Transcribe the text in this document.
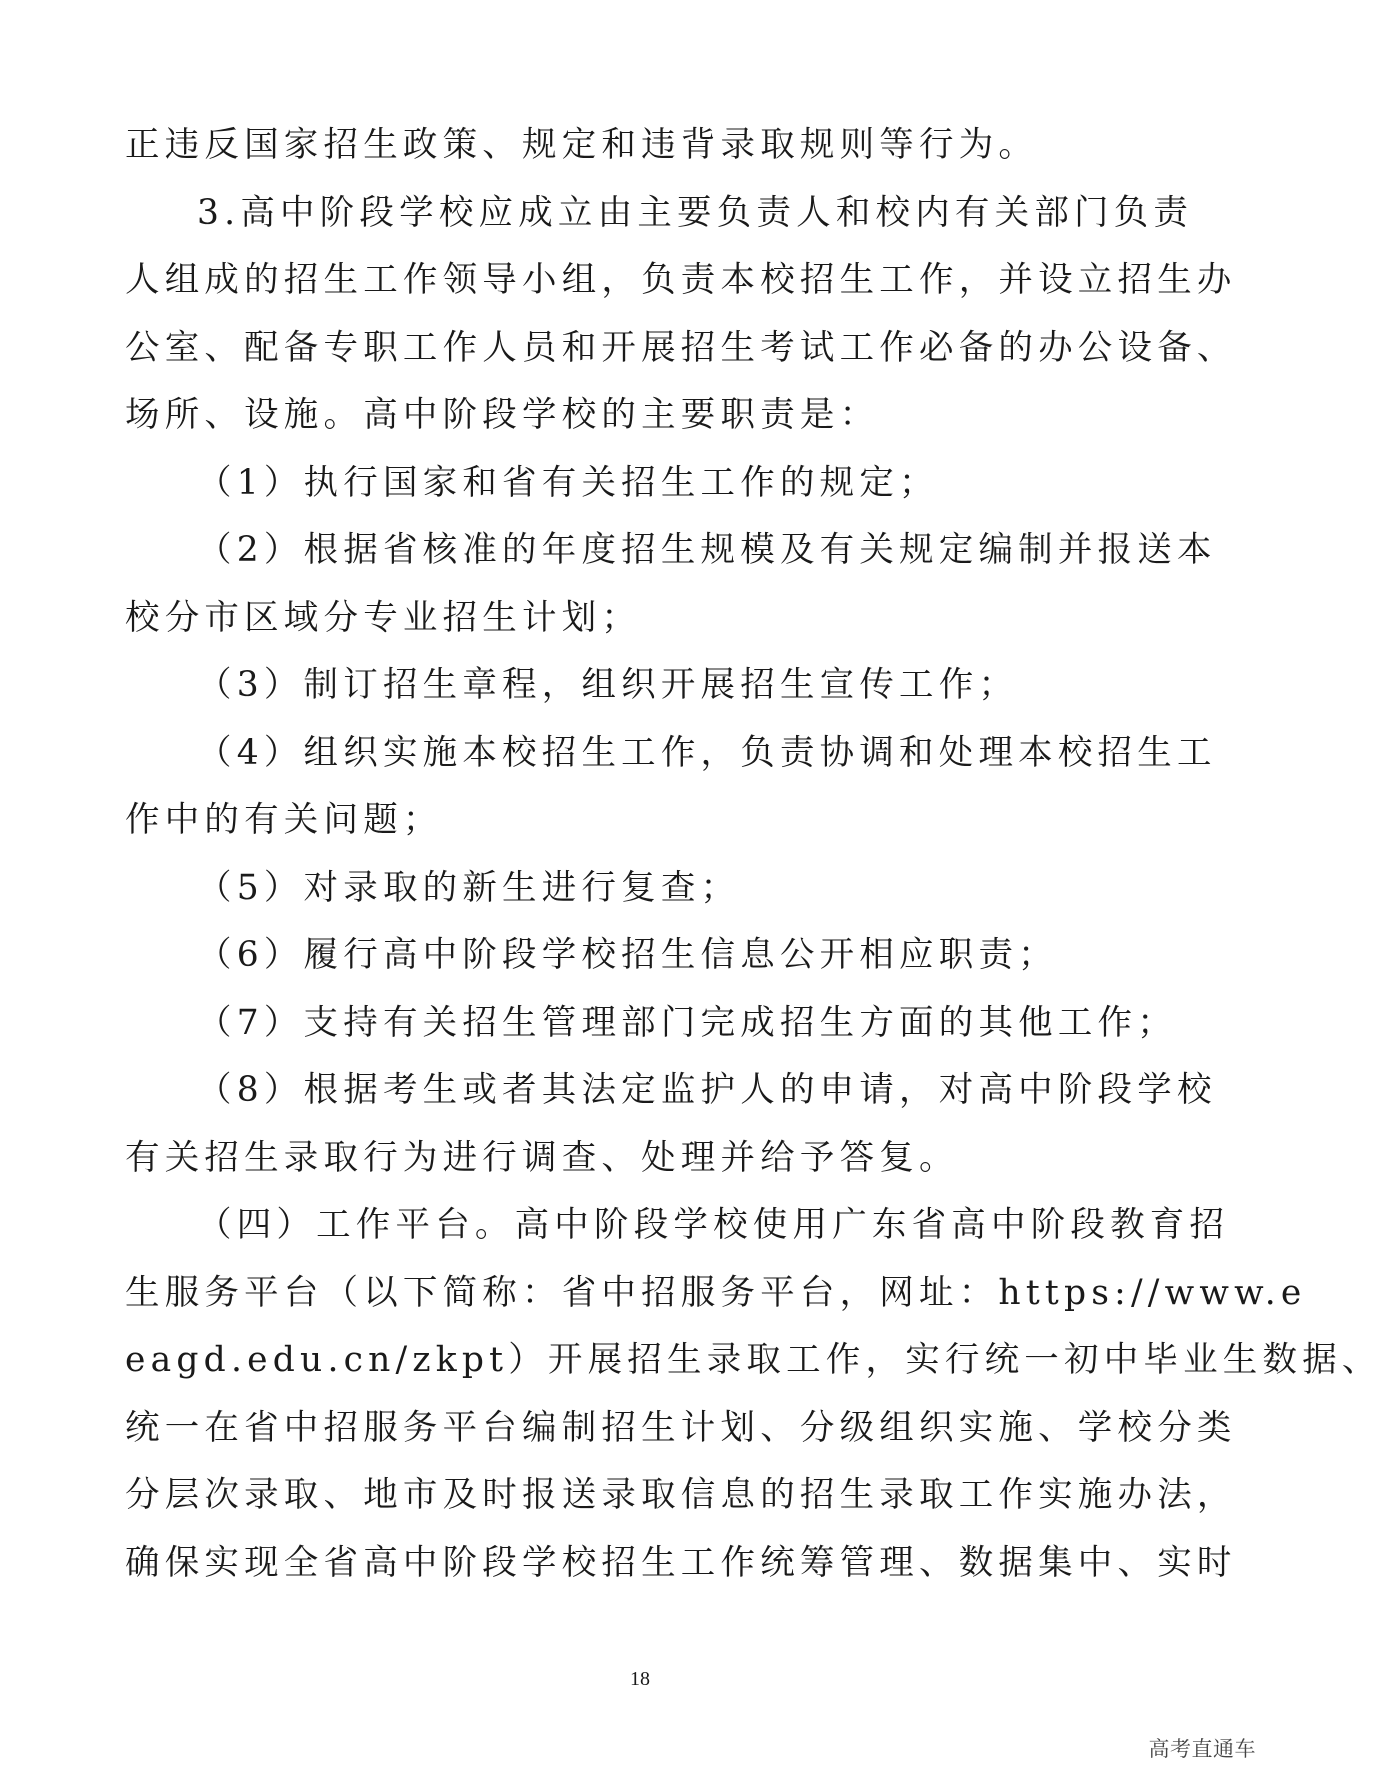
正违反国家招生政策、规定和违背录取规则等行为。
3.高中阶段学校应成立由主要负责人和校内有关部门负责
人组成的招生工作领导小组，负责本校招生工作，并设立招生办
公室、配备专职工作人员和开展招生考试工作必备的办公设备、
场所、设施。高中阶段学校的主要职责是：
（1）执行国家和省有关招生工作的规定；
（2）根据省核准的年度招生规模及有关规定编制并报送本
校分市区域分专业招生计划；
（3）制订招生章程，组织开展招生宣传工作；
（4）组织实施本校招生工作，负责协调和处理本校招生工
作中的有关问题；
（5）对录取的新生进行复查；
（6）履行高中阶段学校招生信息公开相应职责；
（7）支持有关招生管理部门完成招生方面的其他工作；
（8）根据考生或者其法定监护人的申请，对高中阶段学校
有关招生录取行为进行调查、处理并给予答复。
（四）工作平台。高中阶段学校使用广东省高中阶段教育招
生服务平台（以下简称：省中招服务平台，网址：https://www.e
eagd.edu.cn/zkpt）开展招生录取工作，实行统一初中毕业生数据、
统一在省中招服务平台编制招生计划、分级组织实施、学校分类
分层次录取、地市及时报送录取信息的招生录取工作实施办法，
确保实现全省高中阶段学校招生工作统筹管理、数据集中、实时
18
高考直通车
